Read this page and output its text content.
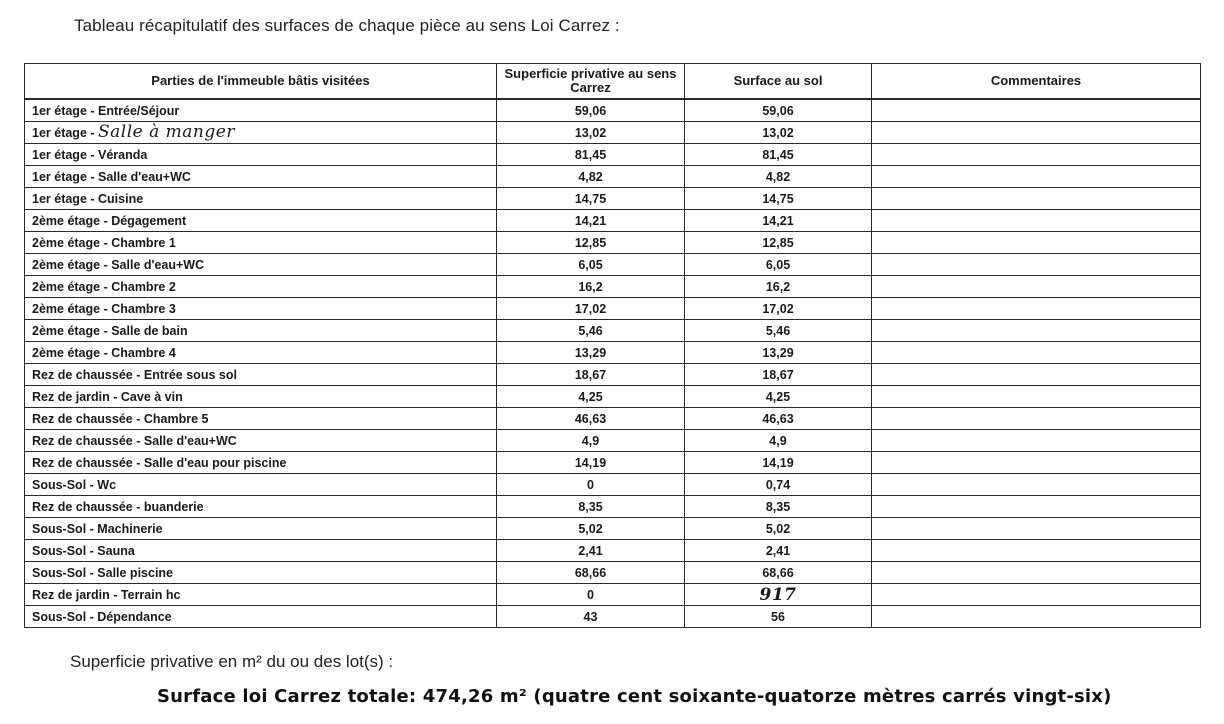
Tableau récapitulatif des surfaces de chaque pièce au sens Loi Carrez :
Parties de l'immeuble bâtis visitées	Superficie privative au sens Carrez	Surface au sol	Commentaires
1er étage - Entrée/Séjour	59,06	59,06	
1er étage - Salle à manger	13,02	13,02	
1er étage - Véranda	81,45	81,45	
1er étage - Salle d'eau+WC	4,82	4,82	
1er étage - Cuisine	14,75	14,75	
2ème étage - Dégagement	14,21	14,21	
2ème étage - Chambre 1	12,85	12,85	
2ème étage - Salle d'eau+WC	6,05	6,05	
2ème étage - Chambre 2	16,2	16,2	
2ème étage - Chambre 3	17,02	17,02	
2ème étage - Salle de bain	5,46	5,46	
2ème étage - Chambre 4	13,29	13,29	
Rez de chaussée - Entrée sous sol	18,67	18,67	
Rez de jardin - Cave à vin	4,25	4,25	
Rez de chaussée - Chambre 5	46,63	46,63	
Rez de chaussée - Salle d'eau+WC	4,9	4,9	
Rez de chaussée - Salle d'eau pour piscine	14,19	14,19	
Sous-Sol - Wc	0	0,74	
Rez de chaussée - buanderie	8,35	8,35	
Sous-Sol - Machinerie	5,02	5,02	
Sous-Sol - Sauna	2,41	2,41	
Sous-Sol - Salle piscine	68,66	68,66	
Rez de jardin - Terrain hc	0	917	
Sous-Sol - Dépendance	43	56	
Superficie privative en m² du ou des lot(s) :
Surface loi Carrez totale: 474,26 m² (quatre cent soixante-quatorze mètres carrés vingt-six)
